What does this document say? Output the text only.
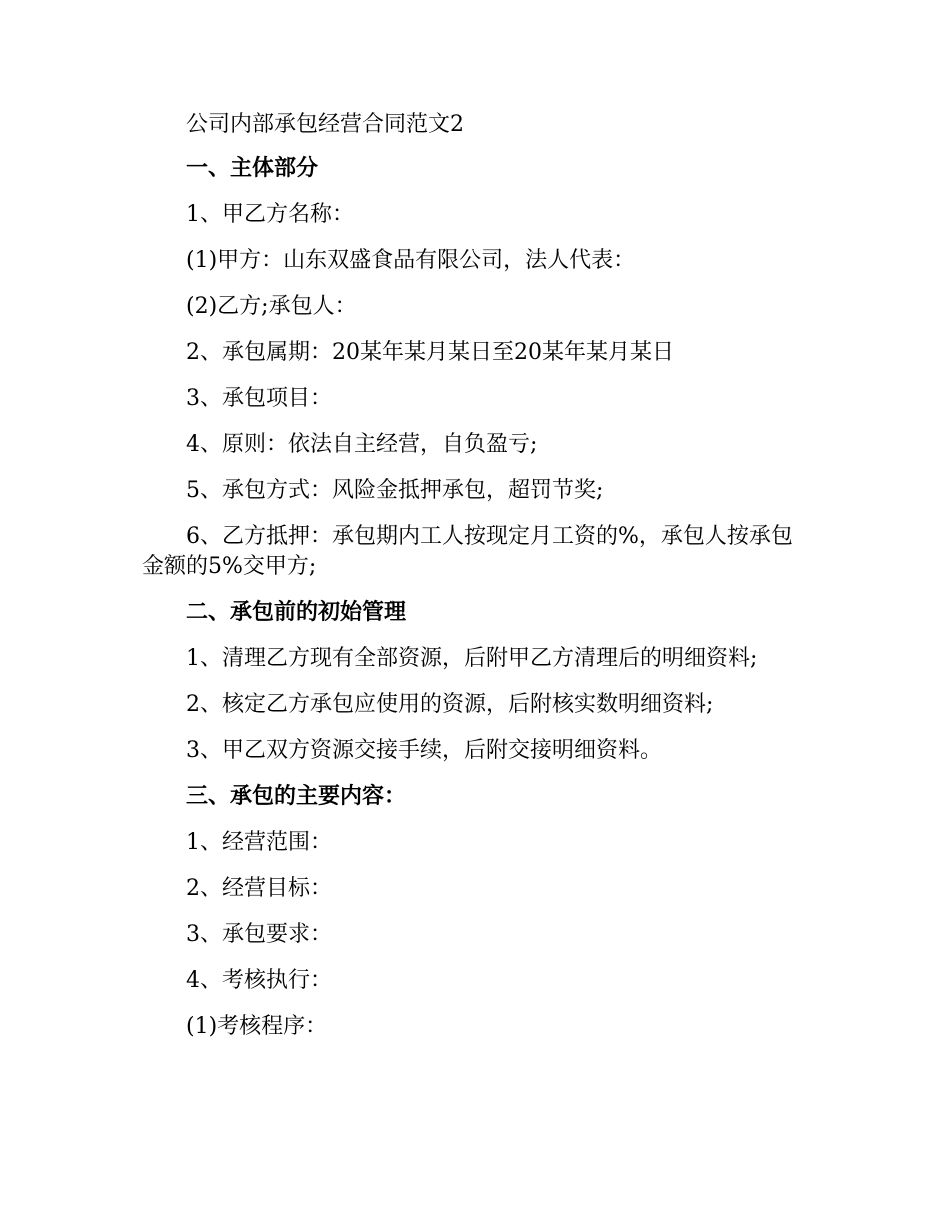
公司内部承包经营合同范文2

一、主体部分

1、甲乙方名称：

(1)甲方：山东双盛食品有限公司，法人代表：

(2)乙方;承包人：

2、承包属期：20某年某月某日至20某年某月某日

3、承包项目：

4、原则：依法自主经营，自负盈亏;

5、承包方式：风险金抵押承包，超罚节奖;

6、乙方抵押：承包期内工人按现定月工资的%，承包人按承包金额的5%交甲方;

二、承包前的初始管理

1、清理乙方现有全部资源，后附甲乙方清理后的明细资料;

2、核定乙方承包应使用的资源，后附核实数明细资料;

3、甲乙双方资源交接手续，后附交接明细资料。

三、承包的主要内容：

1、经营范围：

2、经营目标：

3、承包要求：

4、考核执行：

(1)考核程序：
